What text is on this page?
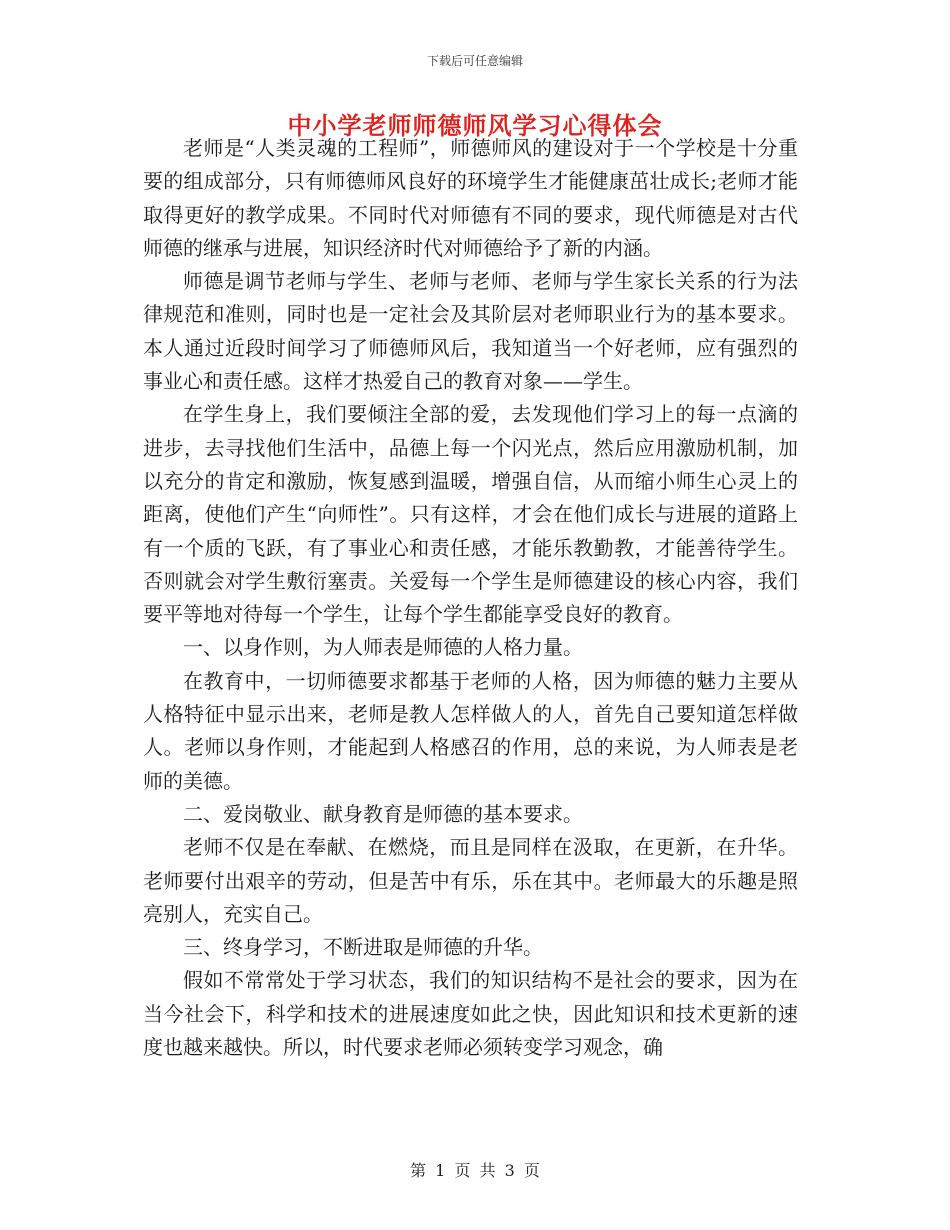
下载后可任意编辑
中小学老师师德师风学习心得体会

老师是“人类灵魂的工程师”，师德师风的建设对于一个学校是十分重要的组成部分，只有师德师风良好的环境学生才能健康茁壮成长;老师才能取得更好的教学成果。不同时代对师德有不同的要求，现代师德是对古代师德的继承与进展，知识经济时代对师德给予了新的内涵。

师德是调节老师与学生、老师与老师、老师与学生家长关系的行为法律规范和准则，同时也是一定社会及其阶层对老师职业行为的基本要求。本人通过近段时间学习了师德师风后，我知道当一个好老师，应有强烈的事业心和责任感。这样才热爱自己的教育对象——学生。

在学生身上，我们要倾注全部的爱，去发现他们学习上的每一点滴的进步，去寻找他们生活中，品德上每一个闪光点，然后应用激励机制，加以充分的肯定和激励，恢复感到温暖，增强自信，从而缩小师生心灵上的距离，使他们产生“向师性”。只有这样，才会在他们成长与进展的道路上有一个质的飞跃，有了事业心和责任感，才能乐教勤教，才能善待学生。否则就会对学生敷衍塞责。关爱每一个学生是师德建设的核心内容，我们要平等地对待每一个学生，让每个学生都能享受良好的教育。

一、以身作则，为人师表是师德的人格力量。

在教育中，一切师德要求都基于老师的人格，因为师德的魅力主要从人格特征中显示出来，老师是教人怎样做人的人，首先自己要知道怎样做人。老师以身作则，才能起到人格感召的作用，总的来说，为人师表是老师的美德。

二、爱岗敬业、献身教育是师德的基本要求。

老师不仅是在奉献、在燃烧，而且是同样在汲取，在更新，在升华。老师要付出艰辛的劳动，但是苦中有乐，乐在其中。老师最大的乐趣是照亮别人，充实自己。

三、终身学习，不断进取是师德的升华。

假如不常常处于学习状态，我们的知识结构不是社会的要求，因为在当今社会下，科学和技术的进展速度如此之快，因此知识和技术更新的速度也越来越快。所以，时代要求老师必须转变学习观念，确

第 1 页 共 3 页
